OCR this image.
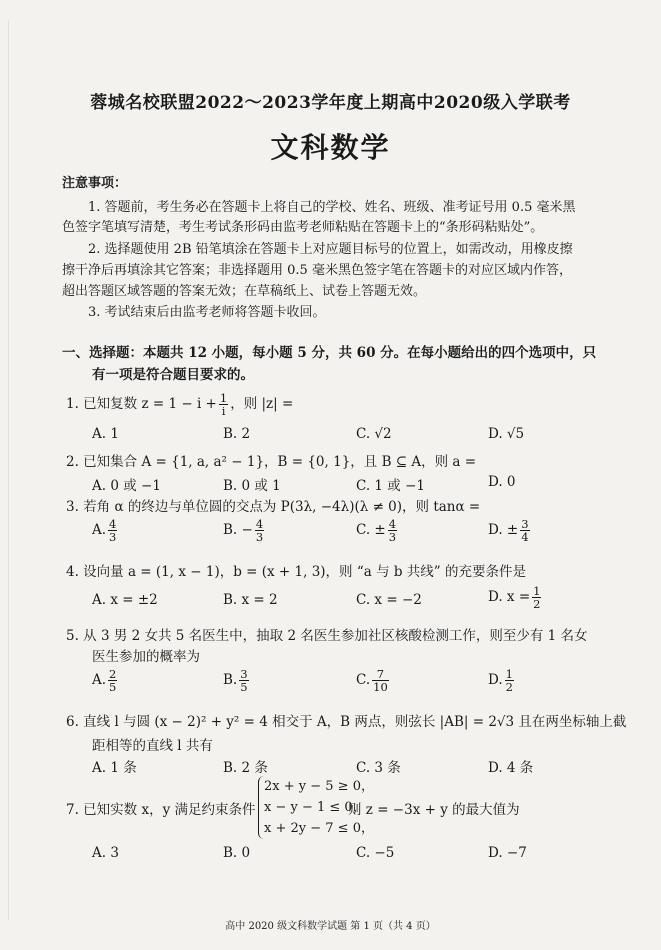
蓉城名校联盟2022～2023学年度上期高中2020级入学联考
文科数学
注意事项：
1. 答题前，考生务必在答题卡上将自己的学校、姓名、班级、准考证号用 0.5 毫米黑
色签字笔填写清楚，考生考试条形码由监考老师粘贴在答题卡上的“条形码粘贴处”。
2. 选择题使用 2B 铅笔填涂在答题卡上对应题目标号的位置上，如需改动，用橡皮擦
擦干净后再填涂其它答案；非选择题用 0.5 毫米黑色签字笔在答题卡的对应区域内作答，
超出答题区域答题的答案无效；在草稿纸上、试卷上答题无效。
3. 考试结束后由监考老师将答题卡收回。
一、选择题：本题共 12 小题，每小题 5 分，共 60 分。在每小题给出的四个选项中，只
有一项是符合题目要求的。
1. 已知复数 $z = 1 - i + \frac{1}{i}$ ，则 |z| =
A. 1	B. 2	C. √2	D. √5
2. 已知集合 A = {1, a, a² − 1}，B = {0, 1}，且 B ⊆ A，则 a =
A. 0 或 −1	B. 0 或 1	C. 1 或 −1	D. 0
3. 若角 α 的终边与单位圆的交点为 P(3λ, −4λ)(λ ≠ 0)，则 tanα =
A. $\frac{4}{3}$	B. − $\frac{4}{3}$	C. ± $\frac{4}{3}$	D. ± $\frac{3}{4}$
4. 设向量 a = (1, x − 1)，b = (x + 1, 3)，则 “a 与 b 共线” 的充要条件是
A. x = ±2	B. x = 2	C. x = −2	D. $x = \frac{1}{2}$
5. 从 3 男 2 女共 5 名医生中，抽取 2 名医生参加社区核酸检测工作，则至少有 1 名女
医生参加的概率为
A. $\frac{2}{5}$	B. $\frac{3}{5}$	C. $\frac{7}{10}$	D. $\frac{1}{2}$
6. 直线 l 与圆 (x − 2)² + y² = 4 相交于 A，B 两点，则弦长 |AB| = 2√3 且在两坐标轴上截
距相等的直线 l 共有
A. 1 条	B. 2 条	C. 3 条	D. 4 条
7. 已知实数 x，y 满足约束条件
2x + y − 5 ≥ 0，
x − y − 1 ≤ 0，
x + 2y − 7 ≤ 0，
则 z = −3x + y 的最大值为
A. 3	B. 0	C. −5	D. −7
高中 2020 级文科数学试题 第 1 页（共 4 页）
